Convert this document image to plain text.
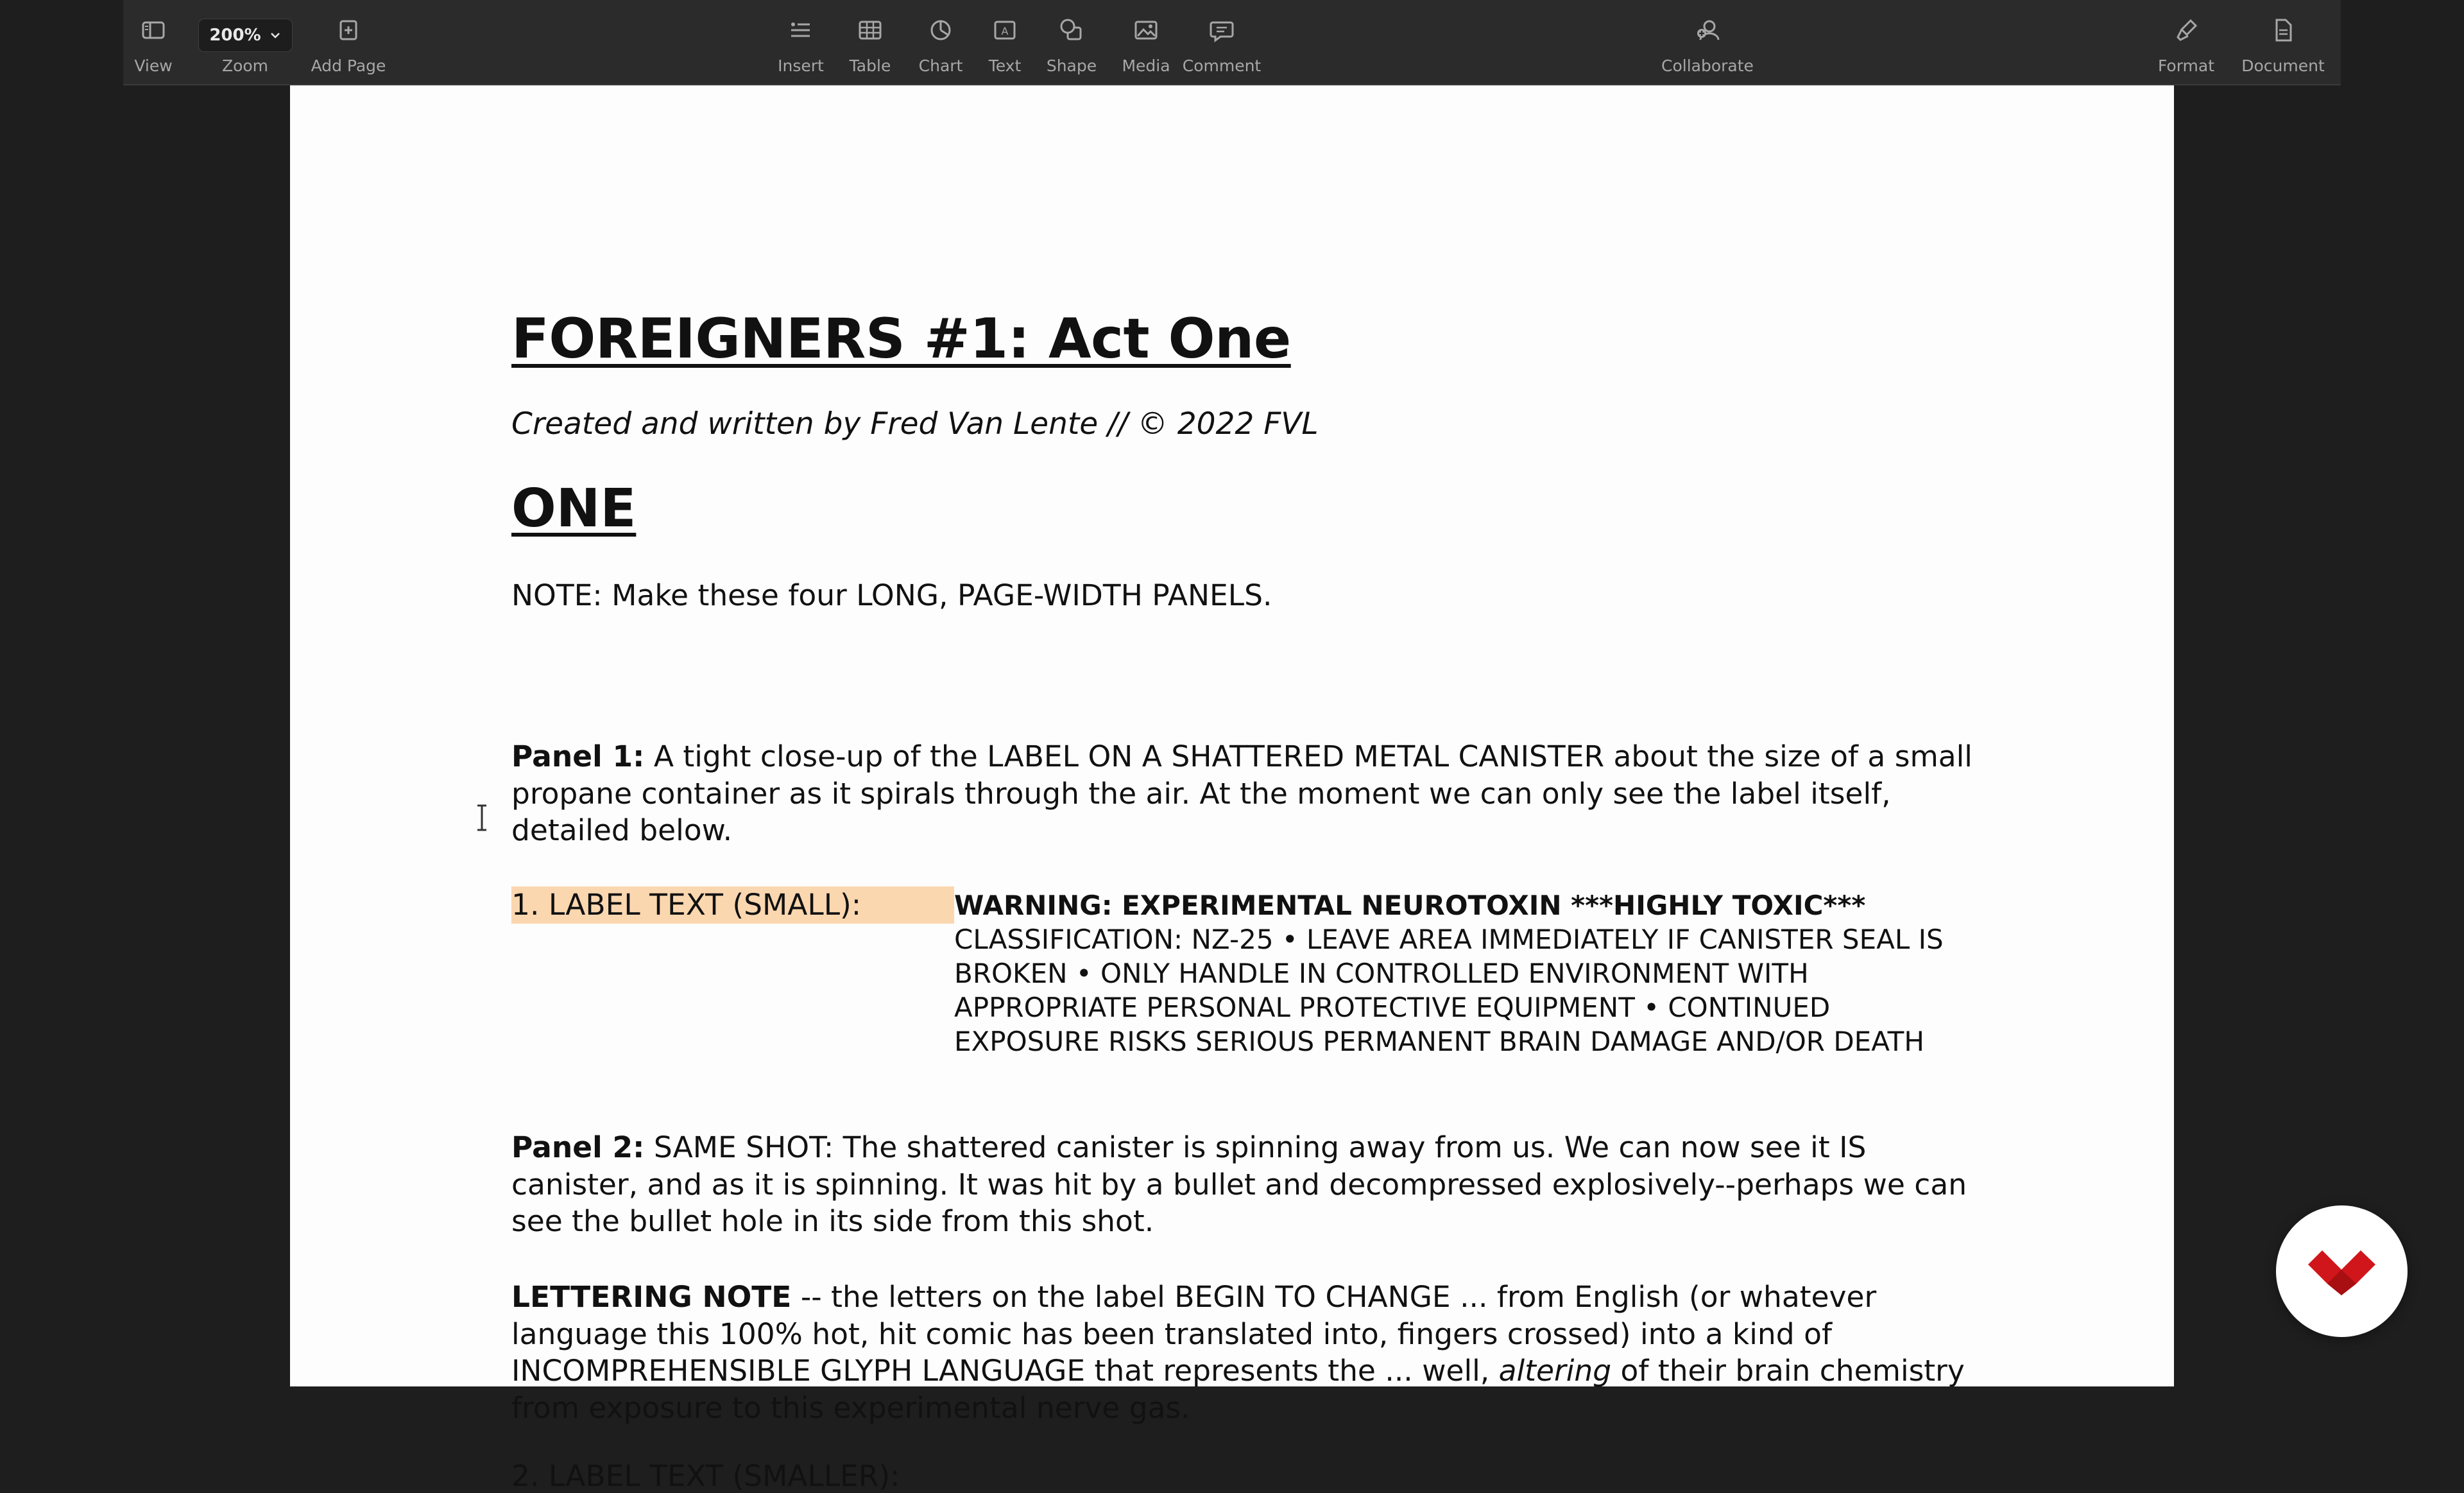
View
200%
Zoom	Add Page	Insert Table Chart
A
Text Shape Media Comment	Collaborate	Format Document
FOREIGNERS #1: Act One
Created and written by Fred Van Lente // © 2022 FVL
ONE
NOTE: Make these four LONG, PAGE-WIDTH PANELS.
Panel 1: A tight close-up of the LABEL ON A SHATTERED METAL CANISTER about the size of a small propane container as it spirals through the air. At the moment we can only see the label itself, detailed below.
1. LABEL TEXT (SMALL):	WARNING: EXPERIMENTAL NEUROTOXIN ***HIGHLY TOXIC*** CLASSIFICATION: NZ-25 • LEAVE AREA IMMEDIATELY IF CANISTER SEAL IS BROKEN • ONLY HANDLE IN CONTROLLED ENVIRONMENT WITH APPROPRIATE PERSONAL PROTECTIVE EQUIPMENT • CONTINUED EXPOSURE RISKS SERIOUS PERMANENT BRAIN DAMAGE AND/OR DEATH
Panel 2: SAME SHOT: The shattered canister is spinning away from us. We can now see it IS canister, and as it is spinning. It was hit by a bullet and decompressed explosively--perhaps we can see the bullet hole in its side from this shot.
LETTERING NOTE -- the letters on the label BEGIN TO CHANGE ... from English (or whatever language this 100% hot, hit comic has been translated into, fingers crossed) into a kind of INCOMPREHENSIBLE GLYPH LANGUAGE that represents the ... well, altering of their brain chemistry from exposure to this experimental nerve gas.
2. LABEL TEXT (SMALLER):
